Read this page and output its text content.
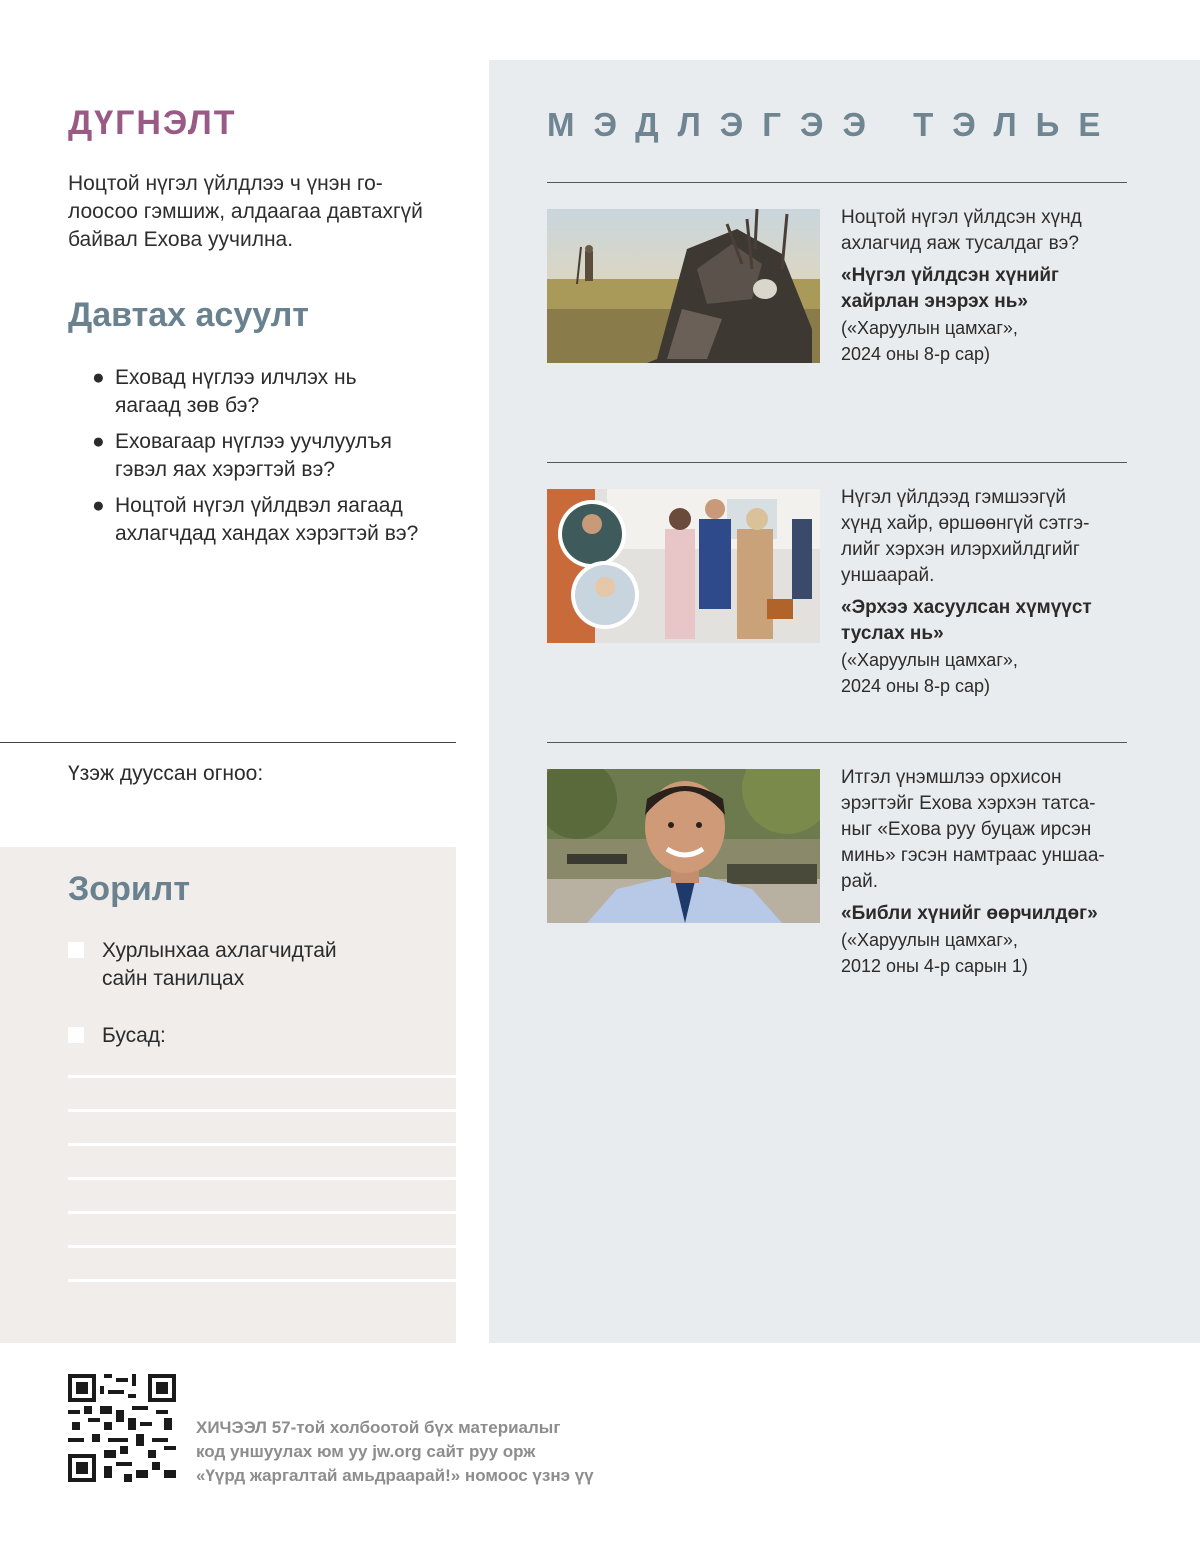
ДҮГНЭЛТ

Ноцтой нүгэл үйлдлээ ч үнэн го-
лоосоо гэмшиж, алдаагаа давтахгүй
байвал Ехова уучилна.

Давтах асуулт
● Еховад нүглээ илчлэх нь
яагаад зөв бэ?
● Еховагаар нүглээ уучлуулъя
гэвэл яах хэрэгтэй вэ?
● Ноцтой нүгэл үйлдвэл яагаад
ахлагчдад хандах хэрэгтэй вэ?
Үзэж дууссан огноо:
Зорилт
Хурлынхаа ахлагчидтай
сайн танилцах
Бусад:
МЭДЛЭГЭЭ ТЭЛЬЕ

Ноцтой нүгэл үйлдсэн хүнд
ахлагчид яаж тусалдаг вэ?

«Нүгэл үйлдсэн хүнийг
хайрлан энэрэх нь»

(«Харуулын цамхаг»,
2024 оны 8-р сар)

Нүгэл үйлдээд гэмшээгүй
хүнд хайр, өршөөнгүй сэтгэ-
лийг хэрхэн илэрхийлдгийг
уншаарай.

«Эрхээ хасуулсан хүмүүст
туслах нь»

(«Харуулын цамхаг»,
2024 оны 8-р сар)

Итгэл үнэмшлээ орхисон
эрэгтэйг Ехова хэрхэн татса-
ныг «Ехова руу буцаж ирсэн
минь» гэсэн намтраас уншаа-
рай.

«Библи хүнийг өөрчилдөг»

(«Харуулын цамхаг»,
2012 оны 4-р сарын 1)

ХИЧЭЭЛ 57-той холбоотой бүх материалыг
код уншуулах юм уу jw.org сайт руу орж
«Үүрд жаргалтай амьдраарай!» номоос үзнэ үү
